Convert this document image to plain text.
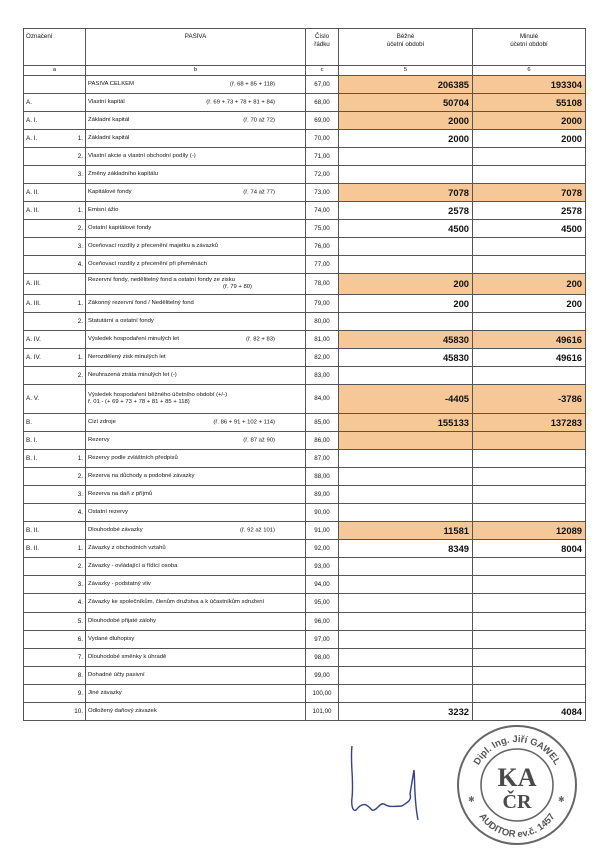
Označení		PASIVA	Číslo
řádku	Běžné
účetní období	Minulé
účetní období
a		b	c	5	6
		PASIVA CELKEM (ř. 68 + 85 + 118)	67,00	206385	193304
A.		Vlastní kapitál (ř. 69 + 73 + 78 + 81 + 84)	68,00	50704	55108
A. I.		Základní kapitál (ř. 70 až 72)	69,00	2000	2000
A. I.	1.	Základní kapitál	70,00	2000	2000
	2.	Vlastní akcie a vlastní obchodní podíly (-)	71,00		
	3.	Změny základního kapitálu	72,00		
A. II.		Kapitálové fondy (ř. 74 až 77)	73,00	7078	7078
A. II.	1.	Emisní ážio	74,00	2578	2578
	2.	Ostatní kapitálové fondy	75,00	4500	4500
	3.	Oceňovací rozdíly z přecenění majetku a závazků	76,00		
	4.	Oceňovací rozdíly z přecenění při přeměnách	77,00		
A. III.		Rezervní fondy, nedělitelný fond a ostatní fondy ze zisku
(ř. 79 + 80)	78,00	200	200
A. III.	1.	Zákonný rezervní fond / Nedělitelný fond	79,00	200	200
	2.	Statutární a ostatní fondy	80,00		
A. IV.		Výsledek hospodaření minulých let (ř. 82 + 83)	81,00	45830	49616
A. IV.	1.	Nerozdělený zisk minulých let	82,00	45830	49616
	2.	Neuhrazená ztráta minulých let (-)	83,00		
A. V.		Výsledek hospodaření běžného účetního období (+/-)
ř. 01 - (+ 69 + 73 + 78 + 81 + 85 + 118)	84,00	-4405	-3786
B.		Cizí zdroje (ř. 86 + 91 + 102 + 114)	85,00	155133	137283
B. I.		Rezervy (ř. 87 až 90)	86,00		
B. I.	1.	Rezervy podle zvláštních předpisů	87,00		
	2.	Rezerva na důchody a podobné závazky	88,00		
	3.	Rezerva na daň z příjmů	89,00		
	4.	Ostatní rezervy	90,00		
B. II.		Dlouhodobé závazky (ř. 92 až 101)	91,00	11581	12089
B. II.	1.	Závazky z obchodních vztahů	92,00	8349	8004
	2.	Závazky - ovládající a řídící osoba	93,00		
	3.	Závazky - podstatný vliv	94,00		
	4.	Závazky ke společníkům, členům družstva a k účastníkům sdružení	95,00		
	5.	Dlouhodobé přijaté zálohy	96,00		
	6.	Vydané dluhopisy	97,00		
	7.	Dlouhodobé směnky k úhradě	98,00		
	8.	Dohadné účty pasivní	99,00		
	9.	Jiné závazky	100,00		
	10.	Odložený daňový závazek	101,00	3232	4084
Dipl. Ing. Jiří GAWEL
AUDITOR ev.č. 1457
KA
ČR
✱	✱
